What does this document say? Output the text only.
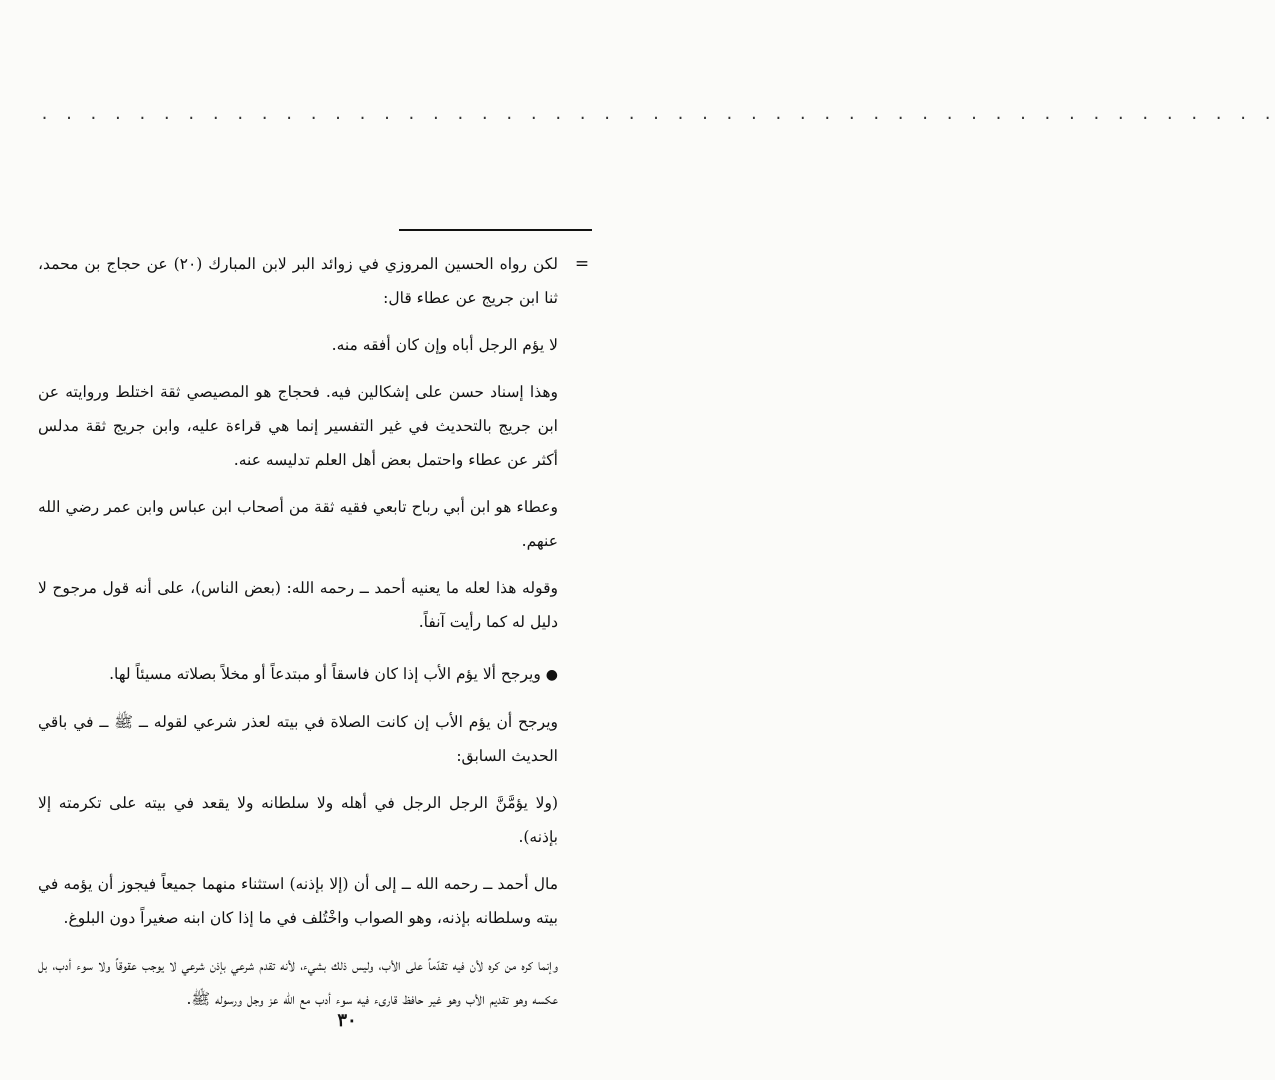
. . . . . . . . . . . . . . . . . . . . . . . . . . . . . . . . . . . . . . . . . . . . . . . . . . .
=

لكن رواه الحسين المروزي في زوائد البر لابن المبارك (٢٠) عن حجاج بن محمد، ثنا ابن جريج عن عطاء قال:

لا يؤم الرجل أباه وإن كان أفقه منه.

وهذا إسناد حسن على إشكالين فيه. فحجاج هو المصيصي ثقة اختلط وروايته عن ابن جريج بالتحديث في غير التفسير إنما هي قراءة عليه، وابن جريج ثقة مدلس أكثر عن عطاء واحتمل بعض أهل العلم تدليسه عنه.

وعطاء هو ابن أبي رباح تابعي فقيه ثقة من أصحاب ابن عباس وابن عمر رضي الله عنهم.

وقوله هذا لعله ما يعنيه أحمد ــ رحمه الله: (بعض الناس)، على أنه قول مرجوح لا دليل له كما رأيت آنفاً.

● ويرجح ألا يؤم الأب إذا كان فاسقاً أو مبتدعاً أو مخلاً بصلاته مسيئاً لها.

ويرجح أن يؤم الأب إن كانت الصلاة في بيته لعذر شرعي لقوله ــ ﷺ ــ في باقي الحديث السابق:

(ولا يؤمَّنَّ الرجل الرجل في أهله ولا سلطانه ولا يقعد في بيته على تكرمته إلا بإذنه).

مال أحمد ــ رحمه الله ــ إلى أن (إلا بإذنه) استثناء منهما جميعاً فيجوز أن يؤمه في بيته وسلطانه بإذنه، وهو الصواب واخْتُلف في ما إذا كان ابنه صغيراً دون البلوغ.

وإنما كره من كره لأن فيه تقدّماً على الأب، وليس ذلك بشيء، لأنه تقدم شرعي بإذن شرعي لا يوجب عقوقاً ولا سوء أدب، بل عكسه وهو تقديم الأب وهو غير حافظ قارىء فيه سوء أدب مع الله عز وجل ورسوله ﷺ.

٣٠
